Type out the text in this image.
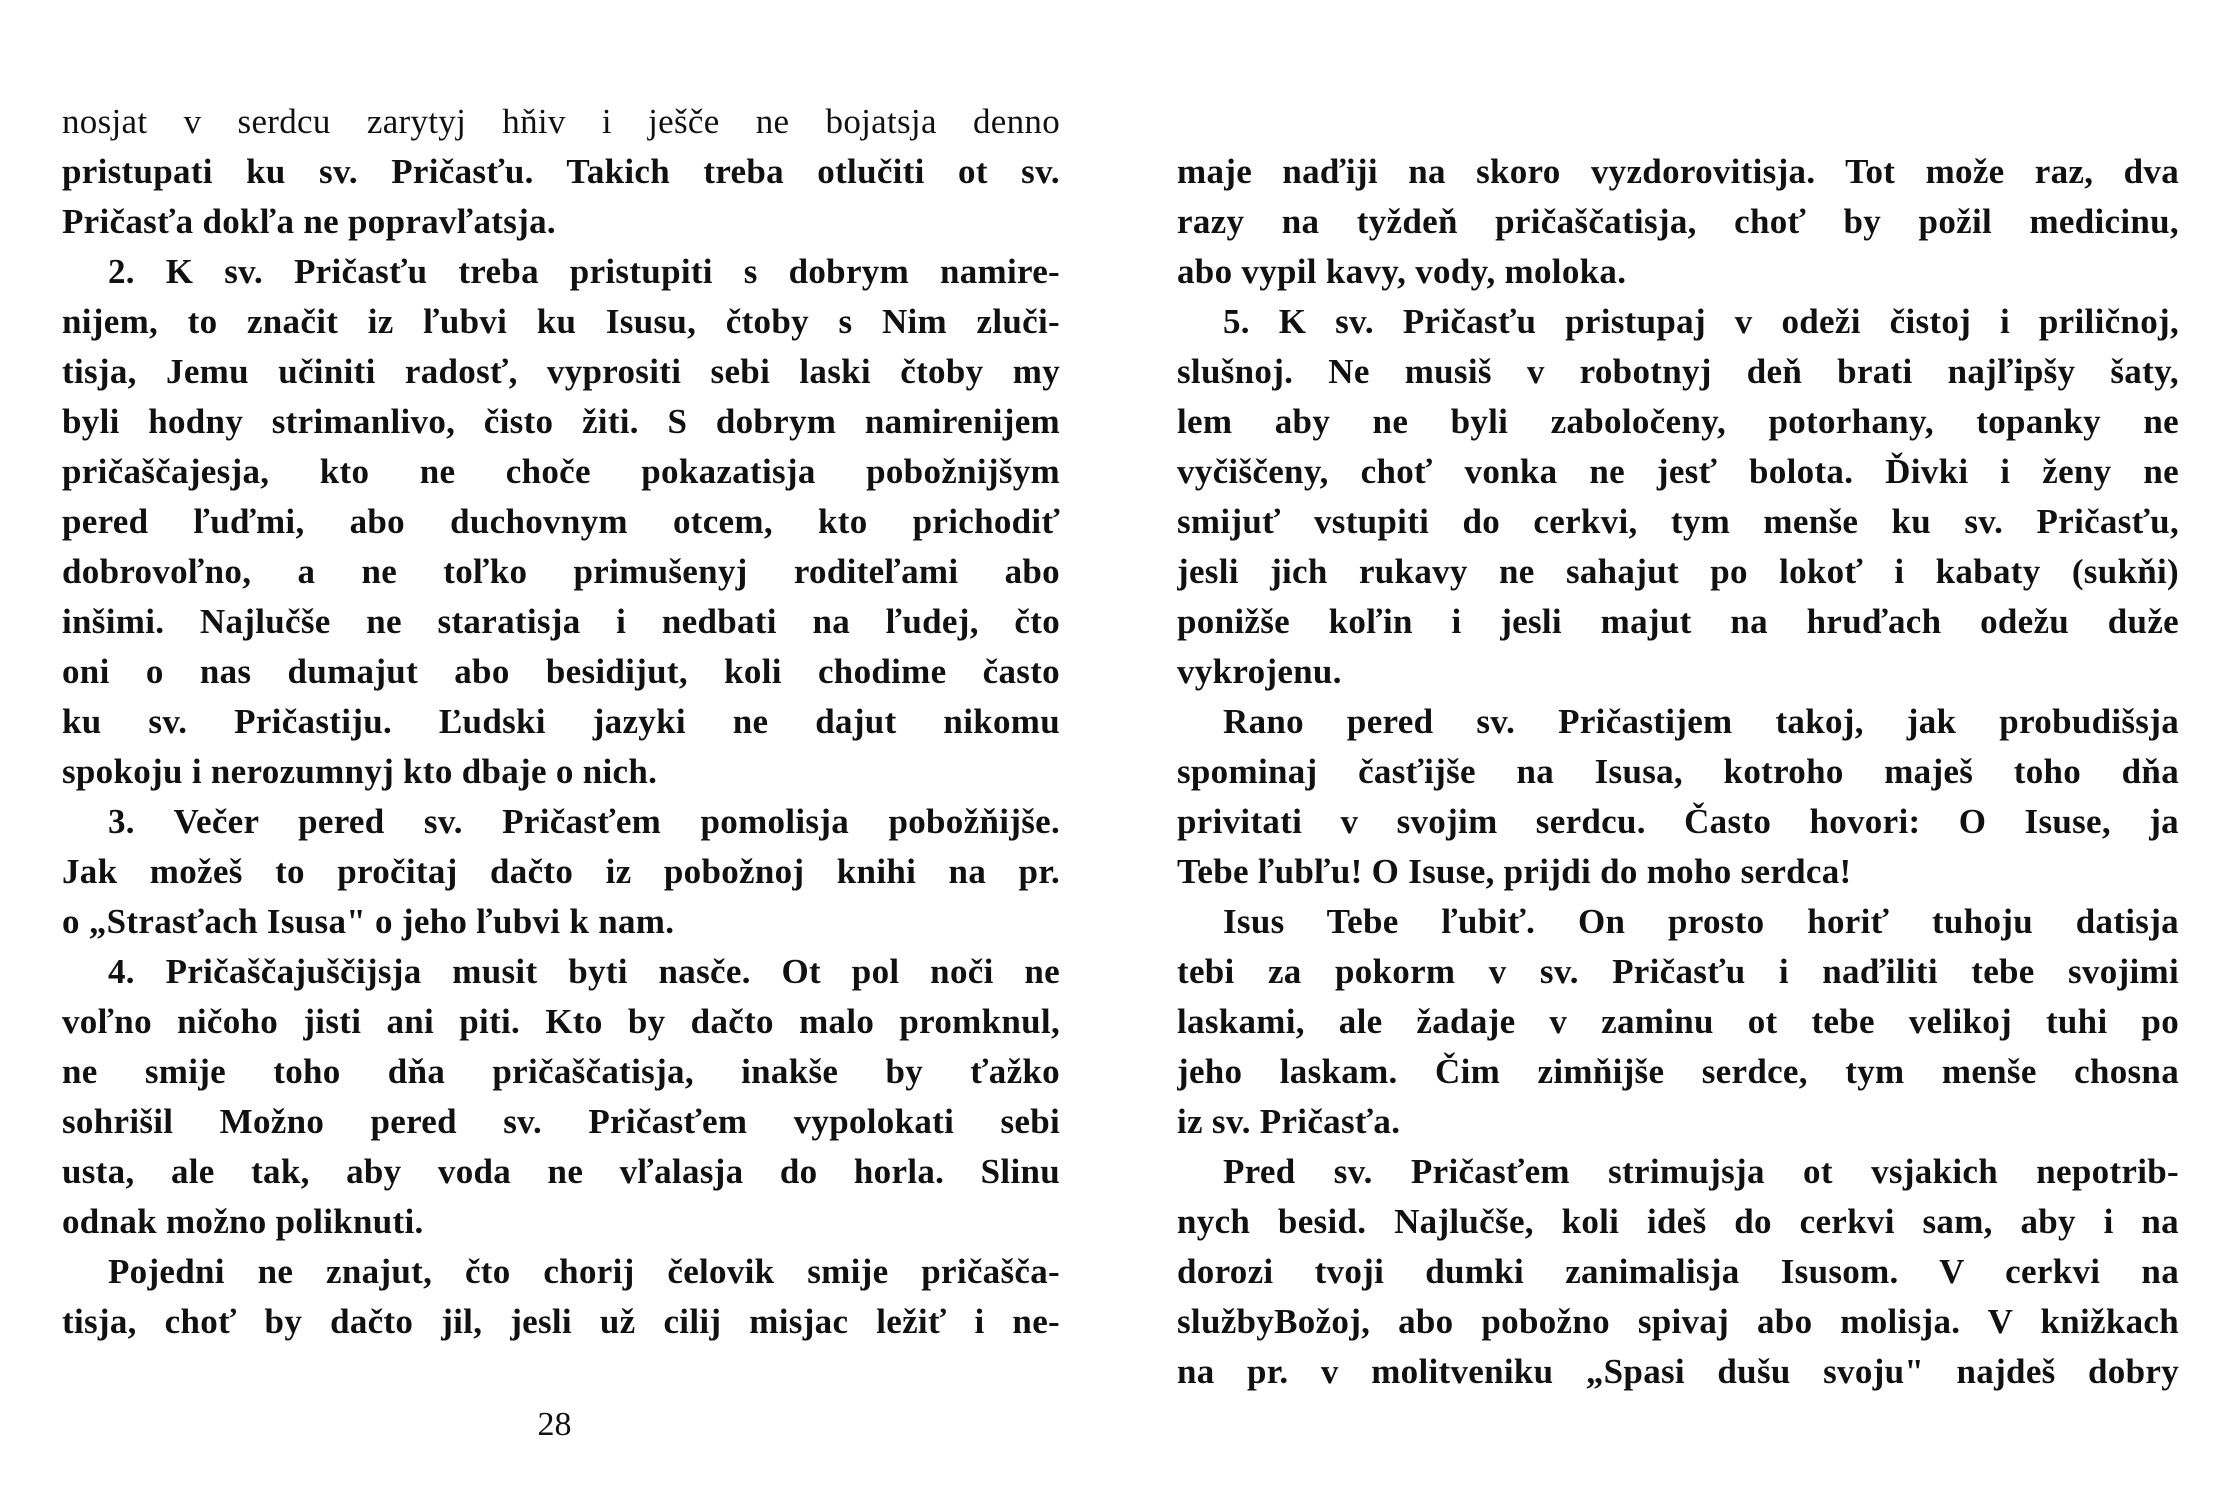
nosjat v serdcu zarytyj hňiv i ješče ne bojatsja denno
pristupati ku sv. Pričasťu. Takich treba otlučiti ot sv.
Pričasťa dokľa ne popravľatsja.
2. K sv. Pričasťu treba pristupiti s dobrym namire-
nijem, to značit iz ľubvi ku Isusu, čtoby s Nim zluči-
tisja, Jemu učiniti radosť, vyprositi sebi laski čtoby my
byli hodny strimanlivo, čisto žiti. S dobrym namirenijem
pričaščajesja, kto ne choče pokazatisja pobožnijšym
pered ľuďmi, abo duchovnym otcem, kto prichodiť
dobrovoľno, a ne toľko primušenyj roditeľami abo
inšimi. Najlučše ne staratisja i nedbati na ľudej, čto
oni o nas dumajut abo besidijut, koli chodime často
ku sv. Pričastiju. Ľudski jazyki ne dajut nikomu
spokoju i nerozumnyj kto dbaje o nich.
3. Večer pered sv. Pričasťem pomolisja pobožňijše.
Jak možeš to pročitaj dačto iz pobožnoj knihi na pr.
o „Strasťach Isusa" o jeho ľubvi k nam.
4. Pričaščajuščijsja musit byti nasče. Ot pol noči ne
voľno ničoho jisti ani piti. Kto by dačto malo promknul,
ne smije toho dňa pričaščatisja, inakše by ťažko
sohrišil Možno pered sv. Pričasťem vypolokati sebi
usta, ale tak, aby voda ne vľalasja do horla. Slinu
odnak možno poliknuti.
Pojedni ne znajut, čto chorij čelovik smije pričašča-
tisja, choť by dačto jil, jesli už cilij misjac ležiť i ne-
28
maje naďiji na skoro vyzdorovitisja. Tot može raz, dva
razy na tyždeň pričaščatisja, choť by požil medicinu,
abo vypil kavy, vody, moloka.
5. K sv. Pričasťu pristupaj v odeži čistoj i priličnoj,
slušnoj. Ne musiš v robotnyj deň brati najľipšy šaty,
lem aby ne byli zaboločeny, potorhany, topanky ne
vyčiščeny, choť vonka ne jesť bolota. Ďivki i ženy ne
smijuť vstupiti do cerkvi, tym menše ku sv. Pričasťu,
jesli jich rukavy ne sahajut po lokoť i kabaty (sukňi)
ponižše koľin i jesli majut na hruďach odežu duže
vykrojenu.
Rano pered sv. Pričastijem takoj, jak probudišsja
spominaj časťijše na Isusa, kotroho maješ toho dňa
privitati v svojim serdcu. Často hovori: O Isuse, ja
Tebe ľubľu! O Isuse, prijdi do moho serdca!
Isus Tebe ľubiť. On prosto horiť tuhoju datisja
tebi za pokorm v sv. Pričasťu i naďiliti tebe svojimi
laskami, ale žadaje v zaminu ot tebe velikoj tuhi po
jeho laskam. Čim zimňijše serdce, tym menše chosna
iz sv. Pričasťa.
Pred sv. Pričasťem strimujsja ot vsjakich nepotrib-
nych besid. Najlučše, koli ideš do cerkvi sam, aby i na
dorozi tvoji dumki zanimalisja Isusom. V cerkvi na
službyBožoj, abo pobožno spivaj abo molisja. V knižkach
na pr. v molitveniku „Spasi dušu svoju" najdeš dobry
